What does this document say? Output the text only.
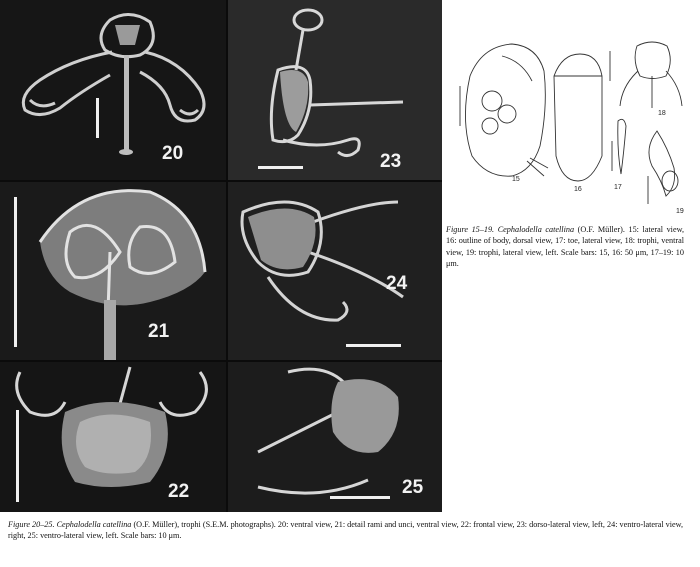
20	23
21
24
22	25
15
16	17
18
19
Figure 15–19. Cephalodella catellina (O.F. Müller). 15: lateral view, 16: outline of body, dorsal view, 17: toe, lateral view, 18: trophi, ventral view, 19: trophi, lateral view, left. Scale bars: 15, 16: 50 μm, 17–19: 10 μm.
Figure 20–25. Cephalodella catellina (O.F. Müller), trophi (S.E.M. photographs). 20: ventral view, 21: detail rami and unci, ventral view, 22: frontal view, 23: dorso-lateral view, left, 24: ventro-lateral view, right, 25: ventro-lateral view, left. Scale bars: 10 μm.
